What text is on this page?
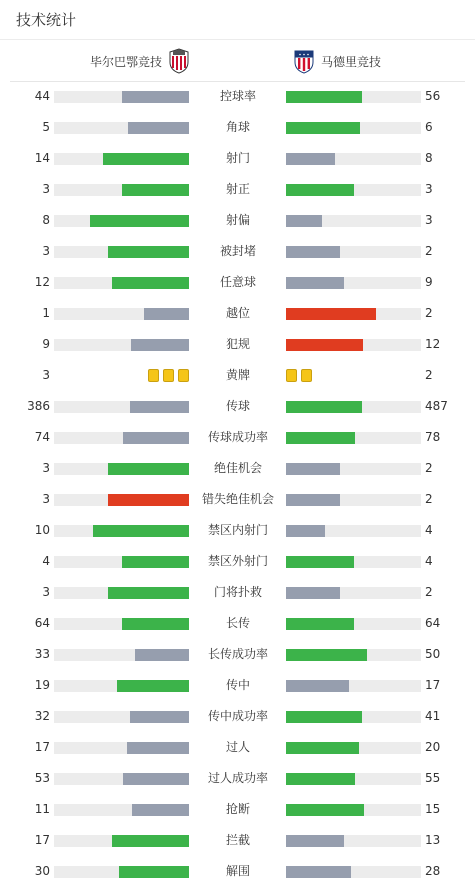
技术统计
毕尔巴鄂竞技	马德里竞技
44	控球率	56
5	角球	6
14	射门	8
3	射正	3
8	射偏	3
3	被封堵	2
12	任意球	9
1	越位	2
9	犯规	12
3	黄牌	2
386	传球	487
74	传球成功率	78
3	绝佳机会	2
3	错失绝佳机会	2
10	禁区内射门	4
4	禁区外射门	4
3	门将扑救	2
64	长传	64
33	长传成功率	50
19	传中	17
32	传中成功率	41
17	过人	20
53	过人成功率	55
11	抢断	15
17	拦截	13
30	解围	28
